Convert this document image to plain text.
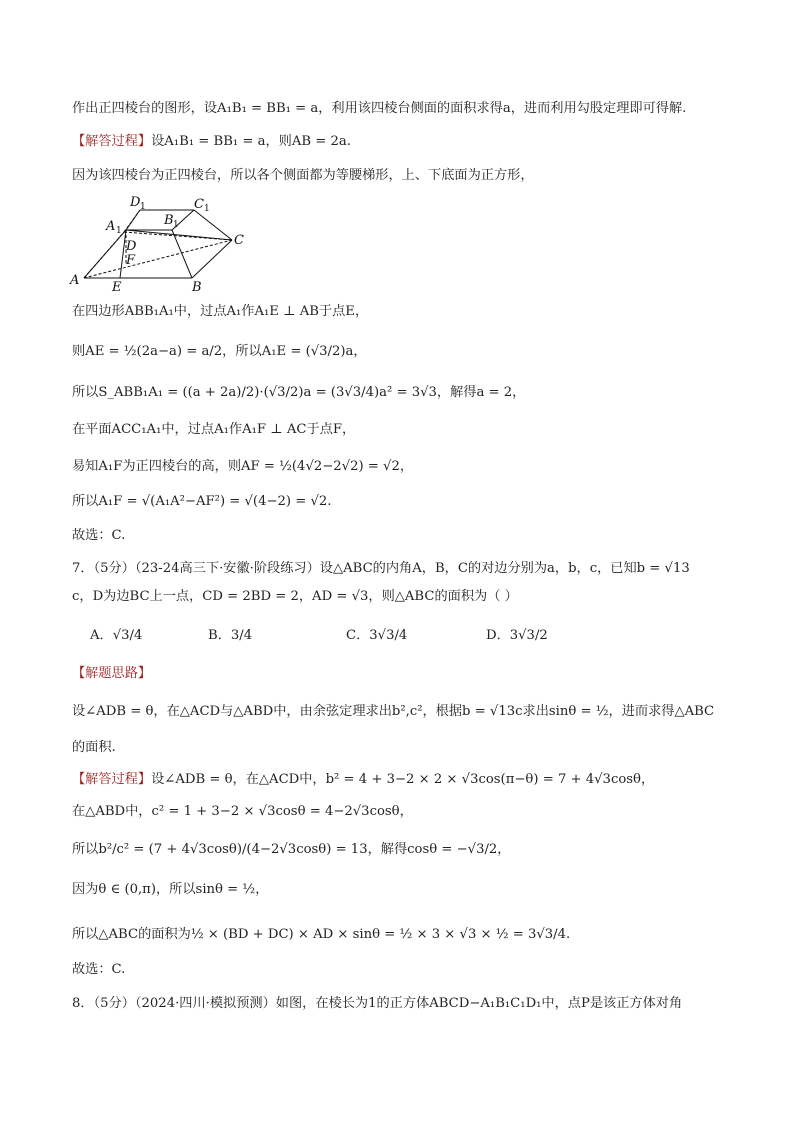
作出正四棱台的图形，设A₁B₁ = BB₁ = a，利用该四棱台侧面的面积求得a，进而利用勾股定理即可得解.
【解答过程】设A₁B₁ = BB₁ = a，则AB = 2a.
因为该四棱台为正四棱台，所以各个侧面都为等腰梯形，上、下底面为正方形，
A	B
C
D
E
F
A 1
B 1
C 1
D 1
在四边形ABB₁A₁中，过点A₁作A₁E ⊥ AB于点E，
则AE = ½(2a−a) = a/2，所以A₁E = (√3/2)a，
所以S_ABB₁A₁ = ((a + 2a)/2)·(√3/2)a = (3√3/4)a² = 3√3，解得a = 2，
在平面ACC₁A₁中，过点A₁作A₁F ⊥ AC于点F，
易知A₁F为正四棱台的高，则AF = ½(4√2−2√2) = √2，
所以A₁F = √(A₁A²−AF²) = √(4−2) = √2.
故选：C.
7．（5分）（23-24高三下·安徽·阶段练习）设△ABC的内角A，B，C的对边分别为a，b，c，已知b = √13
c，D为边BC上一点，CD = 2BD = 2，AD = √3，则△ABC的面积为（ ）
A．√3/4	B．3/4	C．3√3/4	D．3√3/2
【解题思路】
设∠ADB = θ，在△ACD与△ABD中，由余弦定理求出b²,c²，根据b = √13c求出sinθ = ½，进而求得△ABC
的面积.
【解答过程】设∠ADB = θ，在△ACD中，b² = 4 + 3−2 × 2 × √3cos(π−θ) = 7 + 4√3cosθ，
在△ABD中，c² = 1 + 3−2 × √3cosθ = 4−2√3cosθ，
所以b²/c² = (7 + 4√3cosθ)/(4−2√3cosθ) = 13，解得cosθ = −√3/2，
因为θ ∈ (0,π)，所以sinθ = ½，
所以△ABC的面积为½ × (BD + DC) × AD × sinθ = ½ × 3 × √3 × ½ = 3√3/4.
故选：C.
8．（5分）（2024·四川·模拟预测）如图，在棱长为1的正方体ABCD−A₁B₁C₁D₁中，点P是该正方体对角
